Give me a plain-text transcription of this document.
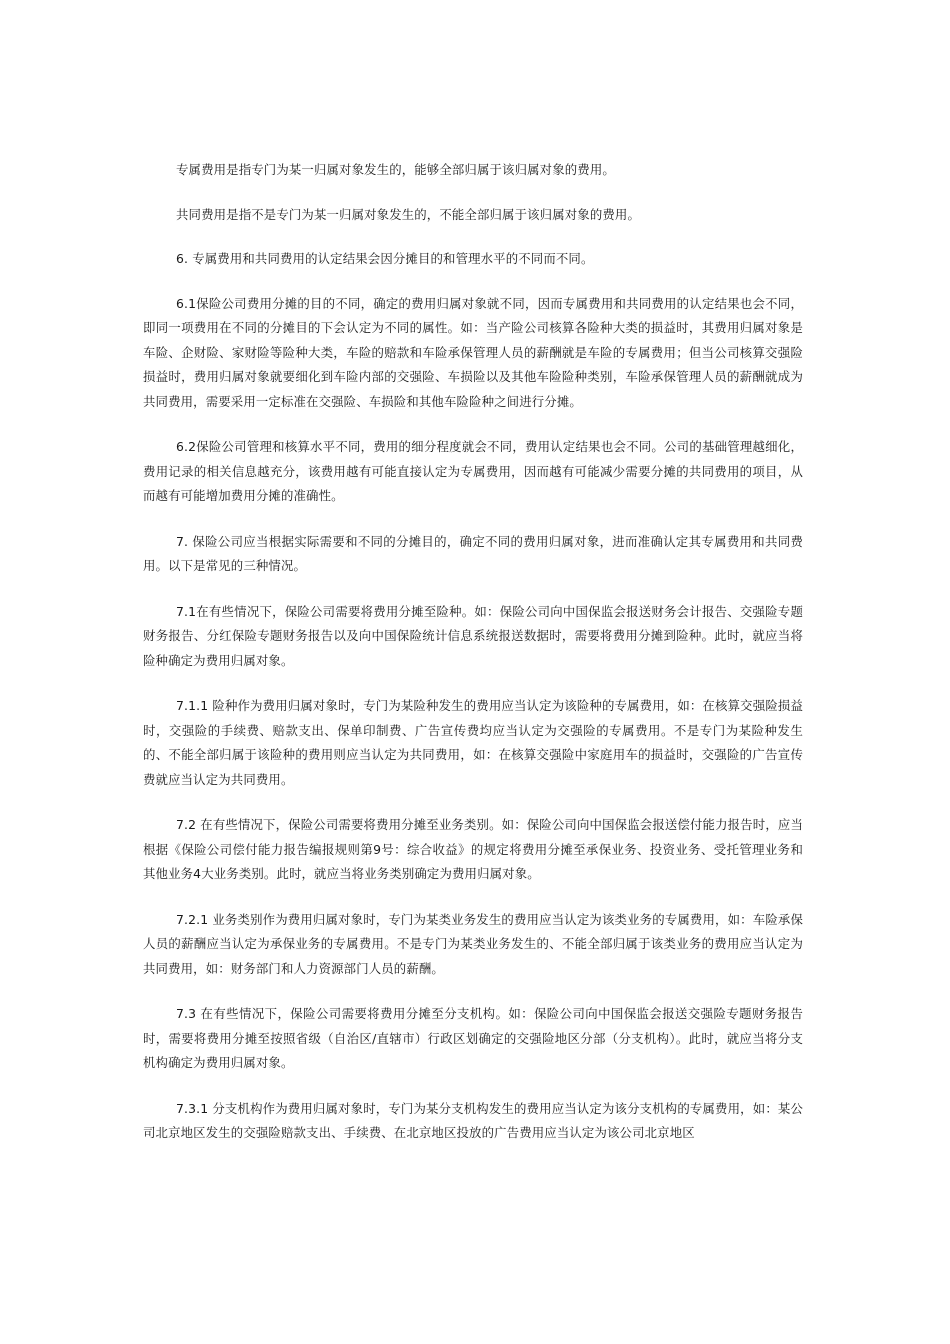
专属费用是指专门为某一归属对象发生的，能够全部归属于该归属对象的费用。

共同费用是指不是专门为某一归属对象发生的，不能全部归属于该归属对象的费用。

6. 专属费用和共同费用的认定结果会因分摊目的和管理水平的不同而不同。

6.1保险公司费用分摊的目的不同，确定的费用归属对象就不同，因而专属费用和共同费用的认定结果也会不同，即同一项费用在不同的分摊目的下会认定为不同的属性。如：当产险公司核算各险种大类的损益时，其费用归属对象是车险、企财险、家财险等险种大类，车险的赔款和车险承保管理人员的薪酬就是车险的专属费用；但当公司核算交强险损益时，费用归属对象就要细化到车险内部的交强险、车损险以及其他车险险种类别，车险承保管理人员的薪酬就成为共同费用，需要采用一定标准在交强险、车损险和其他车险险种之间进行分摊。

6.2保险公司管理和核算水平不同，费用的细分程度就会不同，费用认定结果也会不同。公司的基础管理越细化，费用记录的相关信息越充分，该费用越有可能直接认定为专属费用，因而越有可能减少需要分摊的共同费用的项目，从而越有可能增加费用分摊的准确性。

7. 保险公司应当根据实际需要和不同的分摊目的，确定不同的费用归属对象，进而准确认定其专属费用和共同费用。以下是常见的三种情况。

7.1在有些情况下，保险公司需要将费用分摊至险种。如：保险公司向中国保监会报送财务会计报告、交强险专题财务报告、分红保险专题财务报告以及向中国保险统计信息系统报送数据时，需要将费用分摊到险种。此时，就应当将险种确定为费用归属对象。

7.1.1 险种作为费用归属对象时，专门为某险种发生的费用应当认定为该险种的专属费用，如：在核算交强险损益时，交强险的手续费、赔款支出、保单印制费、广告宣传费均应当认定为交强险的专属费用。不是专门为某险种发生的、不能全部归属于该险种的费用则应当认定为共同费用，如：在核算交强险中家庭用车的损益时，交强险的广告宣传费就应当认定为共同费用。

7.2 在有些情况下，保险公司需要将费用分摊至业务类别。如：保险公司向中国保监会报送偿付能力报告时，应当根据《保险公司偿付能力报告编报规则第9号：综合收益》的规定将费用分摊至承保业务、投资业务、受托管理业务和其他业务4大业务类别。此时，就应当将业务类别确定为费用归属对象。

7.2.1 业务类别作为费用归属对象时，专门为某类业务发生的费用应当认定为该类业务的专属费用，如：车险承保人员的薪酬应当认定为承保业务的专属费用。不是专门为某类业务发生的、不能全部归属于该类业务的费用应当认定为共同费用，如：财务部门和人力资源部门人员的薪酬。

7.3 在有些情况下，保险公司需要将费用分摊至分支机构。如：保险公司向中国保监会报送交强险专题财务报告时，需要将费用分摊至按照省级（自治区/直辖市）行政区划确定的交强险地区分部（分支机构）。此时，就应当将分支机构确定为费用归属对象。

7.3.1 分支机构作为费用归属对象时，专门为某分支机构发生的费用应当认定为该分支机构的专属费用，如：某公司北京地区发生的交强险赔款支出、手续费、在北京地区投放的广告费用应当认定为该公司北京地区
